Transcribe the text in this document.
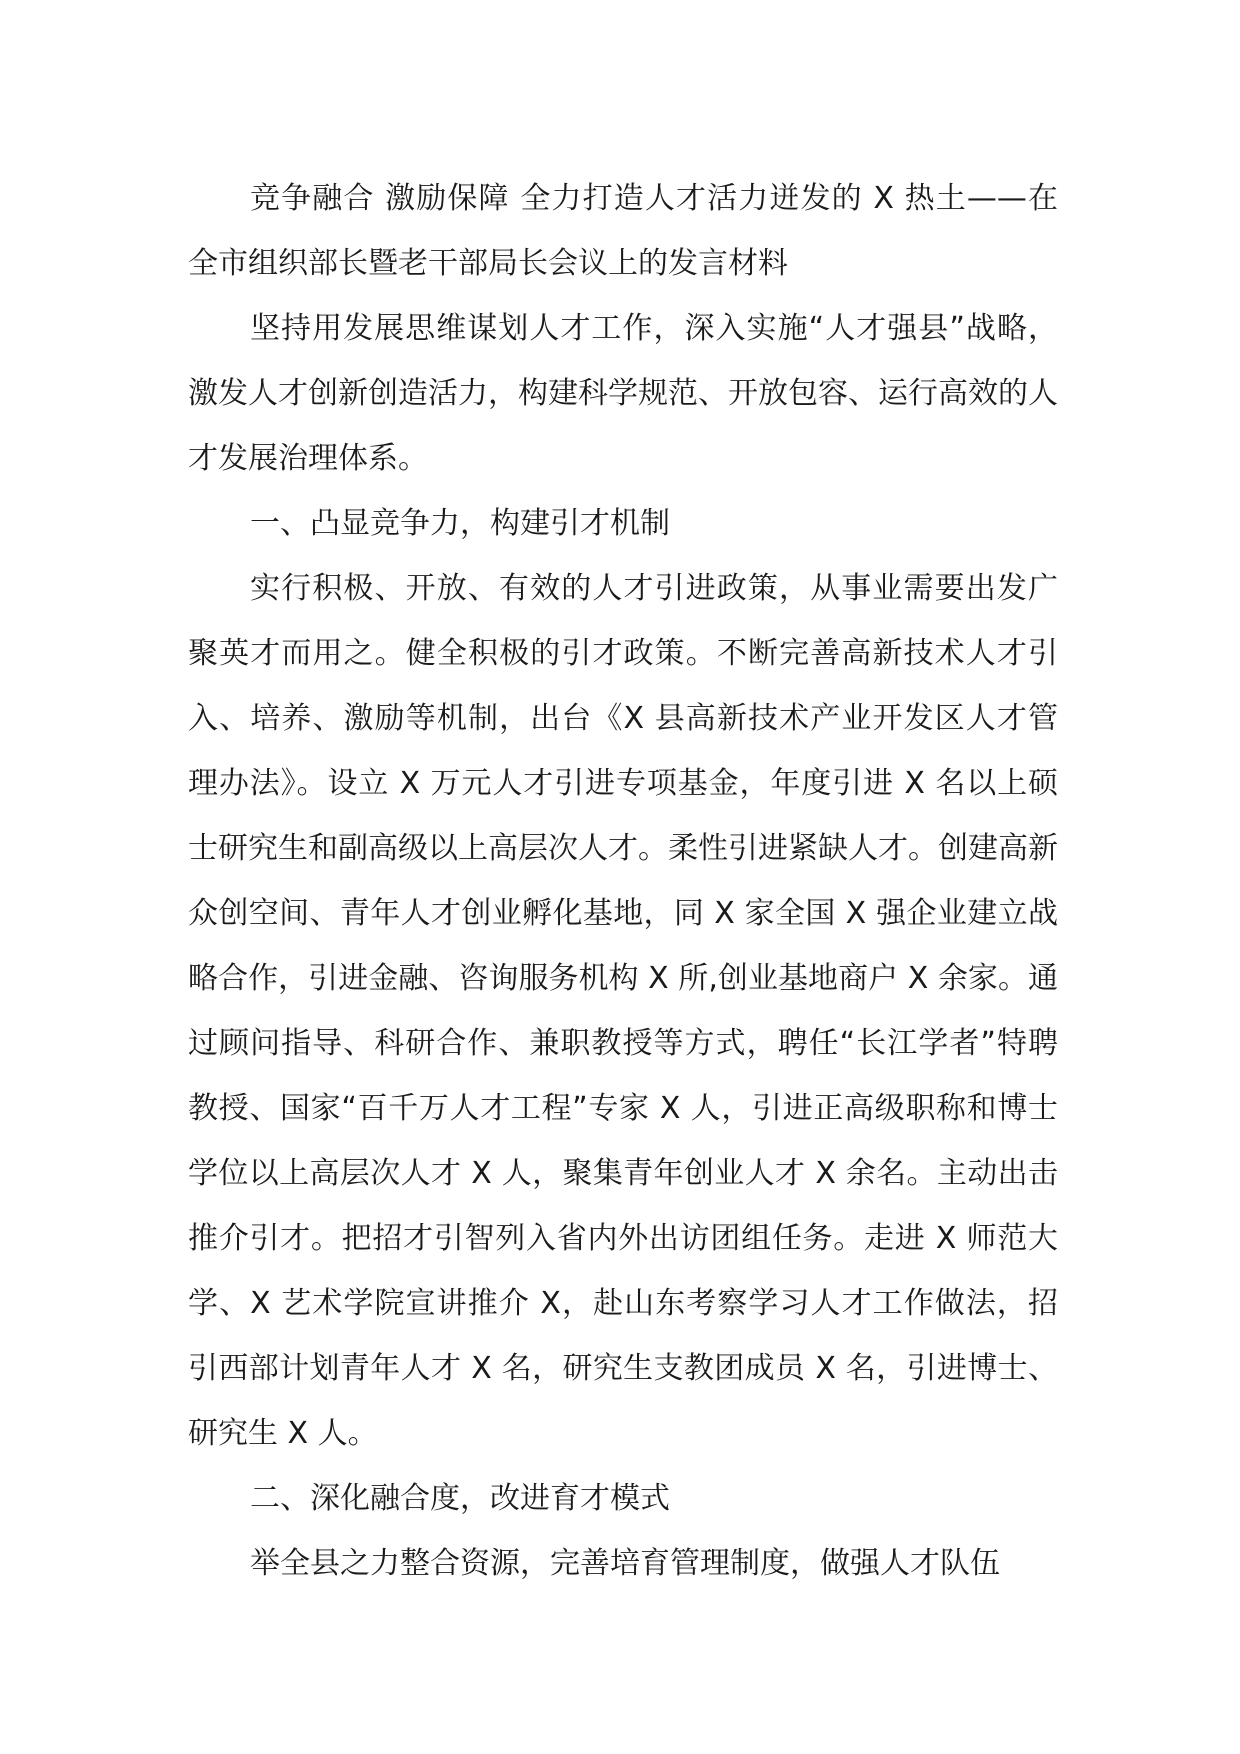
竞争融合 激励保障 全力打造人才活力迸发的 X 热土——在全市组织部长暨老干部局长会议上的发言材料

坚持用发展思维谋划人才工作，深入实施“人才强县”战略，激发人才创新创造活力，构建科学规范、开放包容、运行高效的人才发展治理体系。

一、凸显竞争力，构建引才机制

实行积极、开放、有效的人才引进政策，从事业需要出发广聚英才而用之。健全积极的引才政策。不断完善高新技术人才引入、培养、激励等机制，出台《X 县高新技术产业开发区人才管理办法》。设立 X 万元人才引进专项基金，年度引进 X 名以上硕士研究生和副高级以上高层次人才。柔性引进紧缺人才。创建高新众创空间、青年人才创业孵化基地，同 X 家全国 X 强企业建立战略合作，引进金融、咨询服务机构 X 所,创业基地商户 X 余家。通过顾问指导、科研合作、兼职教授等方式，聘任“长江学者”特聘教授、国家“百千万人才工程”专家 X 人，引进正高级职称和博士学位以上高层次人才 X 人，聚集青年创业人才 X 余名。主动出击推介引才。把招才引智列入省内外出访团组任务。走进 X 师范大学、X 艺术学院宣讲推介 X，赴山东考察学习人才工作做法，招引西部计划青年人才 X 名，研究生支教团成员 X 名，引进博士、研究生 X 人。

二、深化融合度，改进育才模式

举全县之力整合资源，完善培育管理制度，做强人才队伍
